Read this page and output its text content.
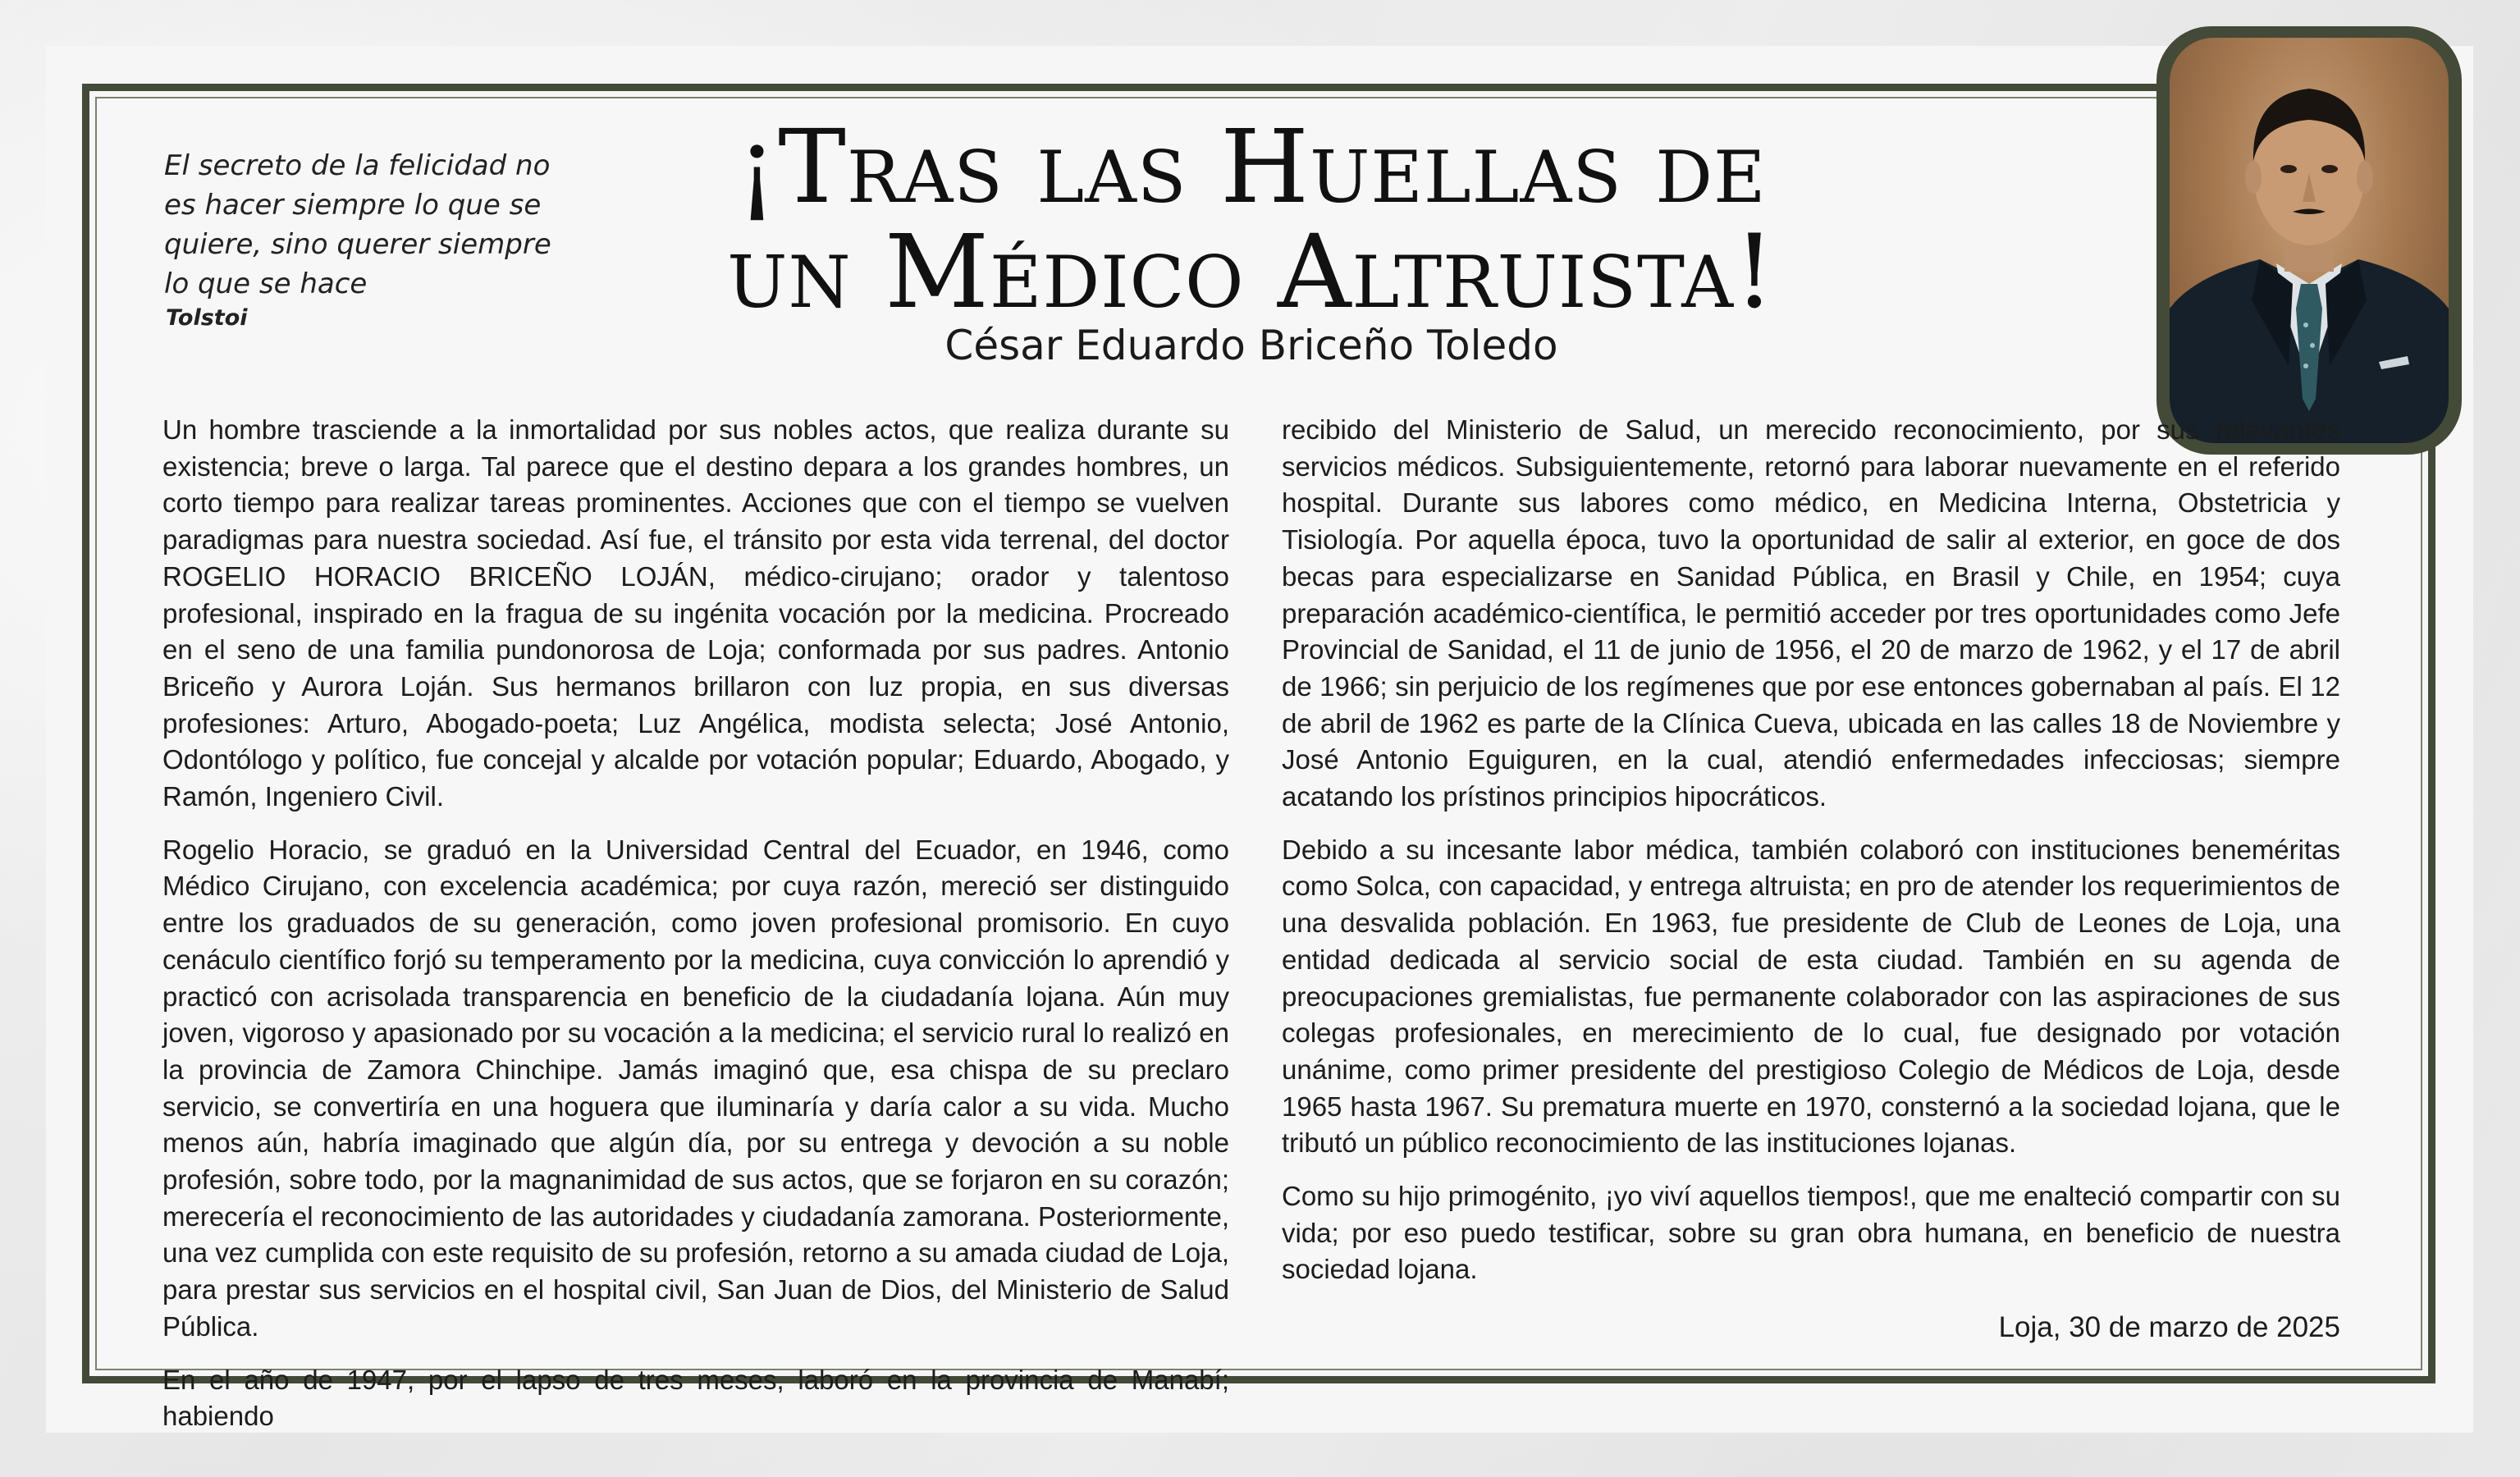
El secreto de la felicidad no es hacer siempre lo que se quiere, sino querer siempre lo que se hace
Tolstoi
¡Tras las Huellas de
un Médico Altruista!
César Eduardo Briceño Toledo

Un hombre trasciende a la inmortalidad por sus nobles actos, que realiza durante su existencia; breve o larga. Tal parece que el destino depara a los grandes hombres, un corto tiempo para realizar tareas prominentes. Acciones que con el tiempo se vuelven paradigmas para nuestra sociedad. Así fue, el tránsito por esta vida terrenal, del doctor ROGELIO HORACIO BRICEÑO LOJÁN, médico-cirujano; orador y talentoso profesional, inspirado en la fragua de su ingénita vocación por la medicina. Procreado en el seno de una familia pundonorosa de Loja; conformada por sus padres. Antonio Briceño y Aurora Loján. Sus hermanos brillaron con luz propia, en sus diversas profesiones: Arturo, Abogado-poeta; Luz Angélica, modista selecta; José Antonio, Odontólogo y político, fue concejal y alcalde por votación popular; Eduardo, Abogado, y Ramón, Ingeniero Civil.

Rogelio Horacio, se graduó en la Universidad Central del Ecuador, en 1946, como Médico Cirujano, con excelencia académica; por cuya razón, mereció ser distinguido entre los graduados de su generación, como joven profesional promisorio. En cuyo cenáculo científico forjó su temperamento por la medicina, cuya convicción lo aprendió y practicó con acrisolada transparencia en beneficio de la ciudadanía lojana. Aún muy joven, vigoroso y apasionado por su vocación a la medicina; el servicio rural lo realizó en la provincia de Zamora Chinchipe. Jamás imaginó que, esa chispa de su preclaro servicio, se convertiría en una hoguera que iluminaría y daría calor a su vida. Mucho menos aún, habría imaginado que algún día, por su entrega y devoción a su noble profesión, sobre todo, por la magnanimidad de sus actos, que se forjaron en su corazón; merecería el reconocimiento de las autoridades y ciudadanía zamorana. Posteriormente, una vez cumplida con este requisito de su profesión, retorno a su amada ciudad de Loja, para prestar sus servicios en el hospital civil, San Juan de Dios, del Ministerio de Salud Pública.

En el año de 1947, por el lapso de tres meses, laboró en la provincia de Manabí; habiendo

recibido del Ministerio de Salud, un merecido reconocimiento, por sus relevantes servicios médicos. Subsiguientemente, retornó para laborar nuevamente en el referido hospital. Durante sus labores como médico, en Medicina Interna, Obstetricia y Tisiología. Por aquella época, tuvo la oportunidad de salir al exterior, en goce de dos becas para especializarse en Sanidad Pública, en Brasil y Chile, en 1954; cuya preparación académico-científica, le permitió acceder por tres oportunidades como Jefe Provincial de Sanidad, el 11 de junio de 1956, el 20 de marzo de 1962, y el 17 de abril de 1966; sin perjuicio de los regímenes que por ese entonces gobernaban al país. El 12 de abril de 1962 es parte de la Clínica Cueva, ubicada en las calles 18 de Noviembre y José Antonio Eguiguren, en la cual, atendió enfermedades infecciosas; siempre acatando los prístinos principios hipocráticos.

Debido a su incesante labor médica, también colaboró con instituciones beneméritas como Solca, con capacidad, y entrega altruista; en pro de atender los requerimientos de una desvalida población. En 1963, fue presidente de Club de Leones de Loja, una entidad dedicada al servicio social de esta ciudad. También en su agenda de preocupaciones gremialistas, fue permanente colaborador con las aspiraciones de sus colegas profesionales, en merecimiento de lo cual, fue designado por votación unánime, como primer presidente del prestigioso Colegio de Médicos de Loja, desde 1965 hasta 1967. Su prematura muerte en 1970, consternó a la sociedad lojana, que le tributó un público reconocimiento de las instituciones lojanas.

Como su hijo primogénito, ¡yo viví aquellos tiempos!, que me enalteció compartir con su vida; por eso puedo testificar, sobre su gran obra humana, en beneficio de nuestra sociedad lojana.

Loja, 30 de marzo de 2025
